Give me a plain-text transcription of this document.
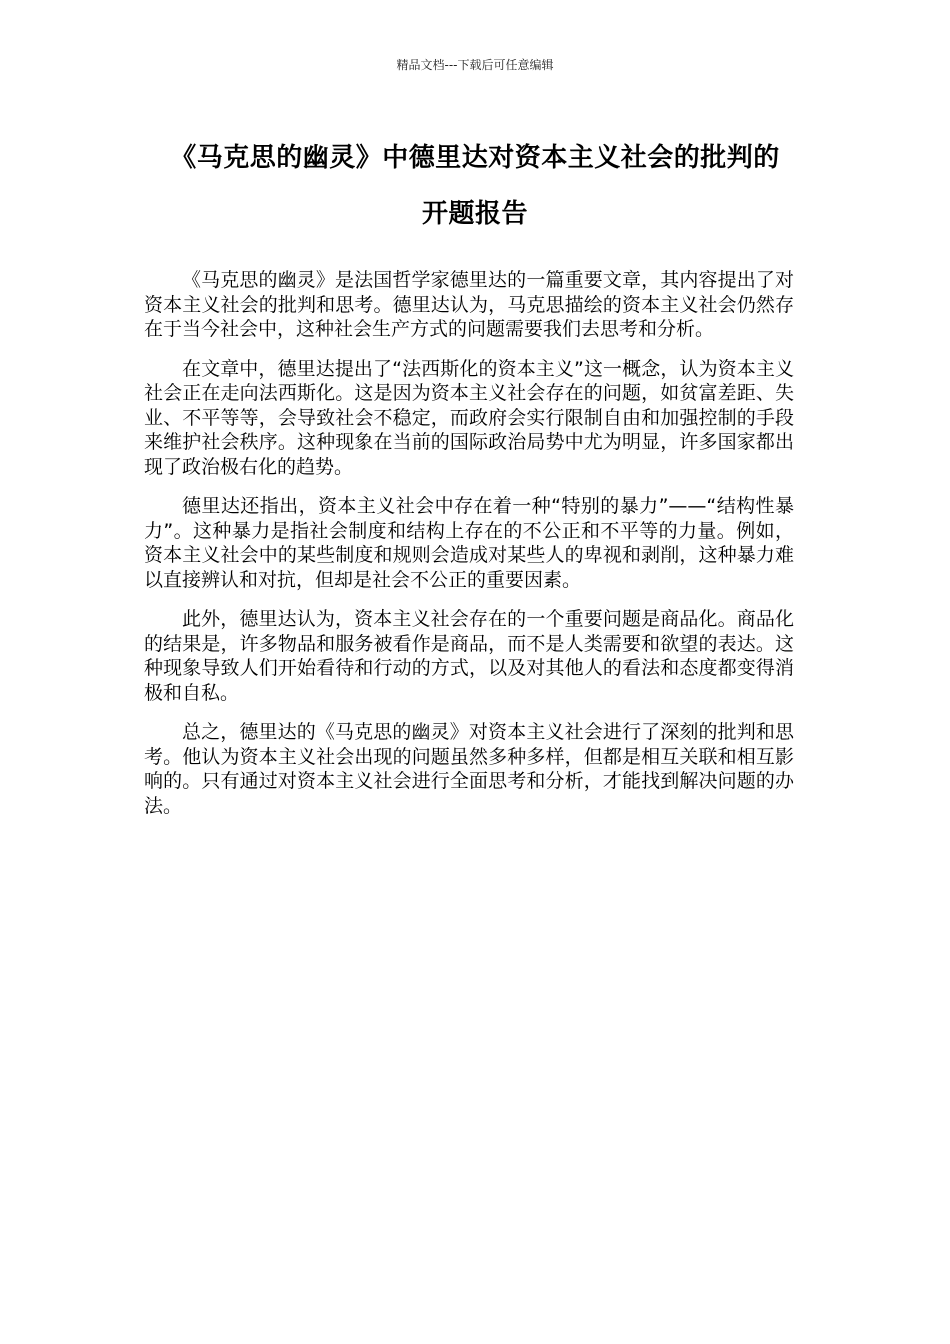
精品文档---下载后可任意编辑
《马克思的幽灵》中德里达对资本主义社会的批判的
开题报告

《马克思的幽灵》是法国哲学家德里达的一篇重要文章，其内容提出了对资本主义社会的批判和思考。德里达认为，马克思描绘的资本主义社会仍然存在于当今社会中，这种社会生产方式的问题需要我们去思考和分析。

在文章中，德里达提出了“法西斯化的资本主义”这一概念，认为资本主义社会正在走向法西斯化。这是因为资本主义社会存在的问题，如贫富差距、失业、不平等等，会导致社会不稳定，而政府会实行限制自由和加强控制的手段来维护社会秩序。这种现象在当前的国际政治局势中尤为明显，许多国家都出现了政治极右化的趋势。

德里达还指出，资本主义社会中存在着一种“特别的暴力”——“结构性暴力”。这种暴力是指社会制度和结构上存在的不公正和不平等的力量。例如，资本主义社会中的某些制度和规则会造成对某些人的卑视和剥削，这种暴力难以直接辨认和对抗，但却是社会不公正的重要因素。

此外，德里达认为，资本主义社会存在的一个重要问题是商品化。商品化的结果是，许多物品和服务被看作是商品，而不是人类需要和欲望的表达。这种现象导致人们开始看待和行动的方式，以及对其他人的看法和态度都变得消极和自私。

总之，德里达的《马克思的幽灵》对资本主义社会进行了深刻的批判和思考。他认为资本主义社会出现的问题虽然多种多样，但都是相互关联和相互影响的。只有通过对资本主义社会进行全面思考和分析，才能找到解决问题的办法。
